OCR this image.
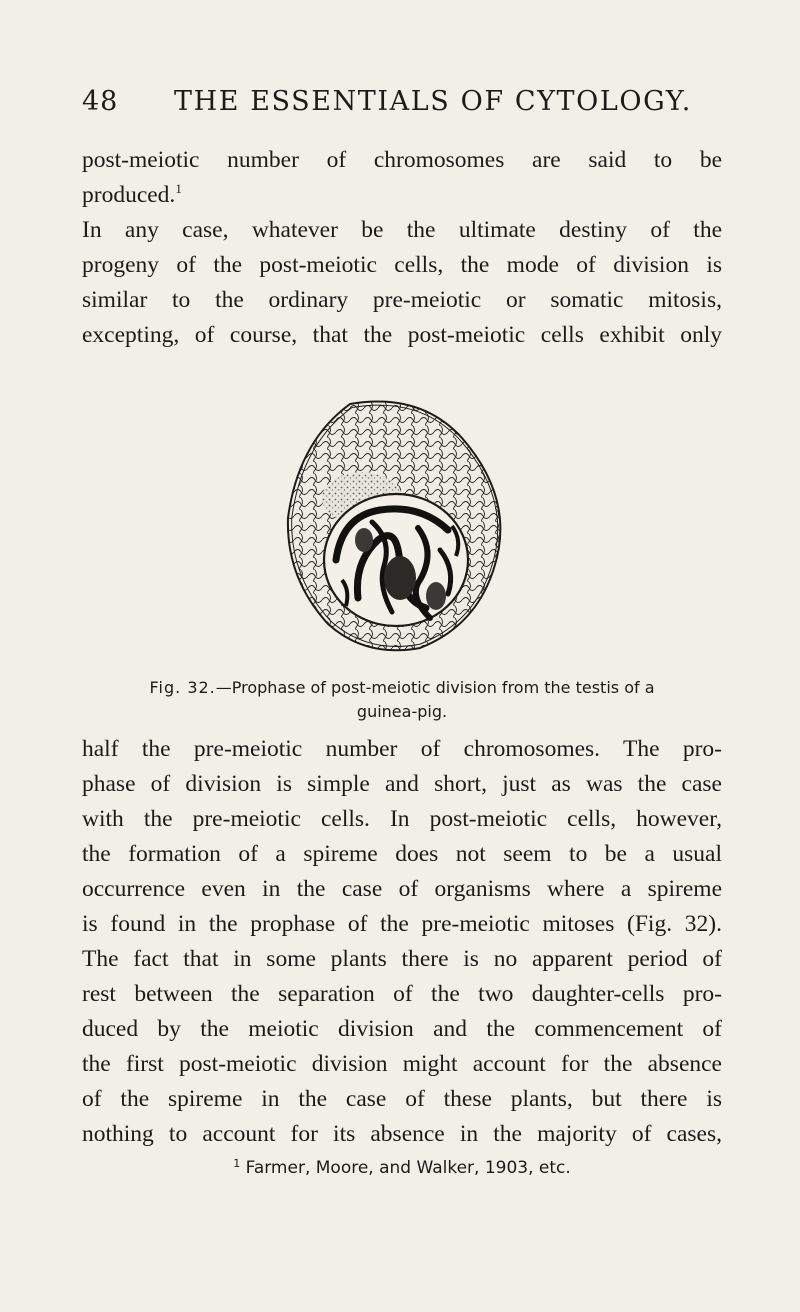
48 THE ESSENTIALS OF CYTOLOGY.

post-meiotic number of chromosomes are said to be
produced.$^1$
In any case, whatever be the ultimate destiny of the
progeny of the post-meiotic cells, the mode of division is
similar to the ordinary pre-meiotic or somatic mitosis,
excepting, of course, that the post-meiotic cells exhibit only

Fig. 32.—Prophase of post-meiotic division from the testis of a
guinea-pig.

half the pre-meiotic number of chromosomes. The pro-
phase of division is simple and short, just as was the case
with the pre-meiotic cells. In post-meiotic cells, however,
the formation of a spireme does not seem to be a usual
occurrence even in the case of organisms where a spireme
is found in the prophase of the pre-meiotic mitoses (Fig. 32).
The fact that in some plants there is no apparent period of
rest between the separation of the two daughter-cells pro-
duced by the meiotic division and the commencement of
the first post-meiotic division might account for the absence
of the spireme in the case of these plants, but there is
nothing to account for its absence in the majority of cases,

$^1$ Farmer, Moore, and Walker, 1903, etc.
